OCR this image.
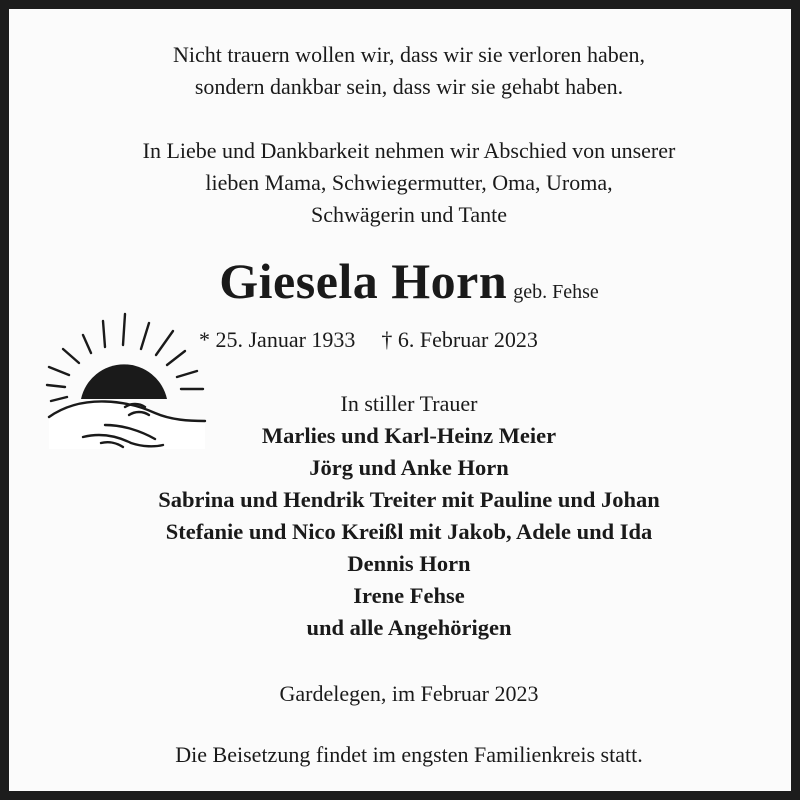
Nicht trauern wollen wir, dass wir sie verloren haben,
sondern dankbar sein, dass wir sie gehabt haben.
In Liebe und Dankbarkeit nehmen wir Abschied von unserer
lieben Mama, Schwiegermutter, Oma, Uroma,
Schwägerin und Tante
Giesela Horn geb. Fehse
* 25. Januar 1933 † 6. Februar 2023
In stiller Trauer
Marlies und Karl-Heinz Meier
Jörg und Anke Horn
Sabrina und Hendrik Treiter mit Pauline und Johan
Stefanie und Nico Kreißl mit Jakob, Adele und Ida
Dennis Horn
Irene Fehse
und alle Angehörigen
Gardelegen, im Februar 2023
Die Beisetzung findet im engsten Familienkreis statt.
